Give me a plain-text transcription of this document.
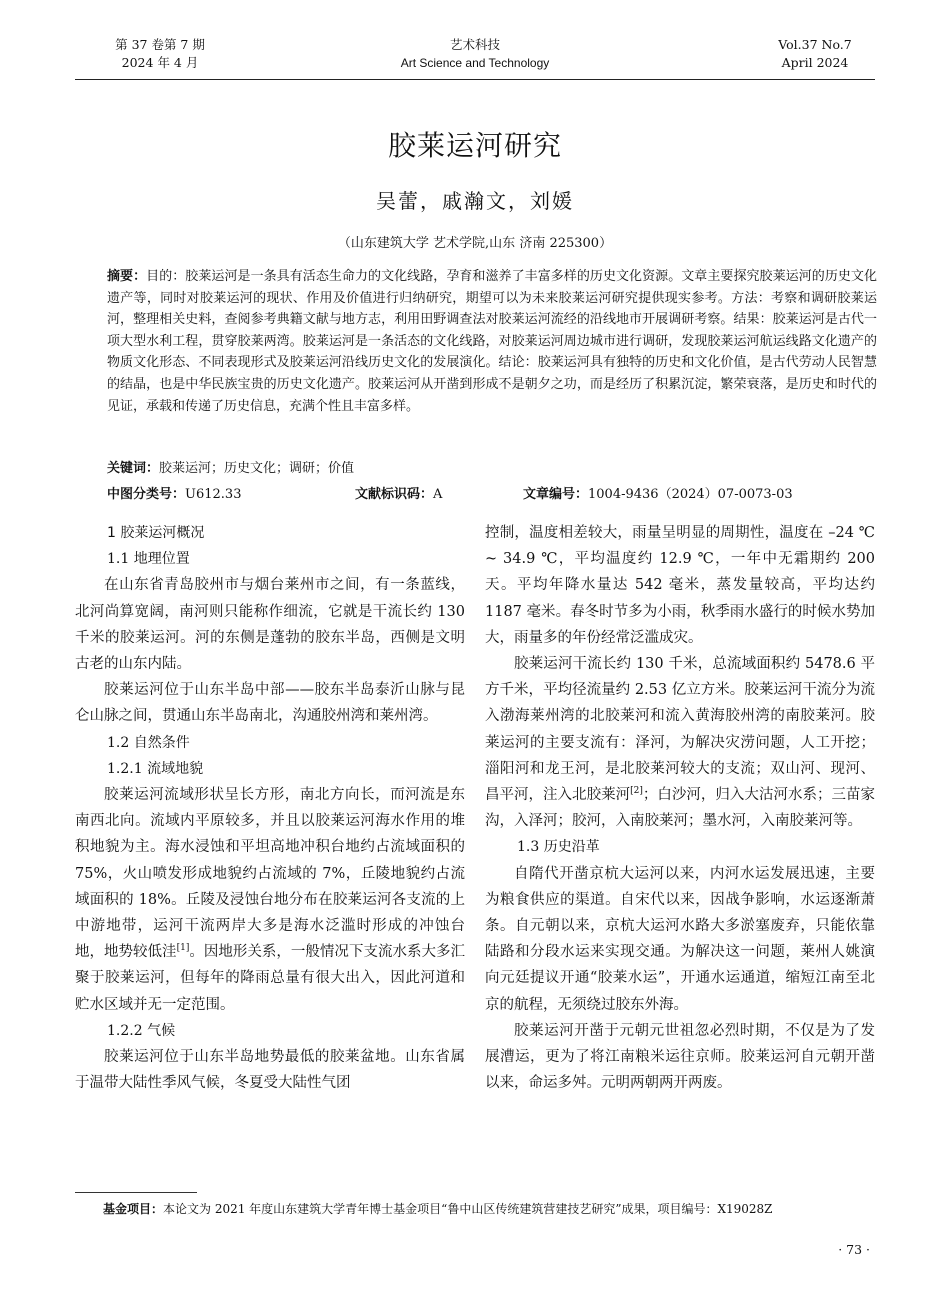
第 37 卷第 7 期
2024 年 4 月
艺术科技
Art Science and Technology
Vol.37 No.7
April 2024
胶莱运河研究
吴蕾，戚瀚文，刘媛
（山东建筑大学 艺术学院,山东 济南 225300）
摘要：目的：胶莱运河是一条具有活态生命力的文化线路，孕育和滋养了丰富多样的历史文化资源。文章主要探究胶莱运河的历史文化遗产等，同时对胶莱运河的现状、作用及价值进行归纳研究，期望可以为未来胶莱运河研究提供现实参考。方法：考察和调研胶莱运河，整理相关史料，查阅参考典籍文献与地方志，利用田野调查法对胶莱运河流经的沿线地市开展调研考察。结果：胶莱运河是古代一项大型水利工程，贯穿胶莱两湾。胶莱运河是一条活态的文化线路，对胶莱运河周边城市进行调研，发现胶莱运河航运线路文化遗产的物质文化形态、不同表现形式及胶莱运河沿线历史文化的发展演化。结论：胶莱运河具有独特的历史和文化价值，是古代劳动人民智慧的结晶，也是中华民族宝贵的历史文化遗产。胶莱运河从开凿到形成不是朝夕之功，而是经历了积累沉淀，繁荣衰落，是历史和时代的见证，承载和传递了历史信息，充满个性且丰富多样。
关键词：胶莱运河；历史文化；调研；价值
中图分类号：U612.33	文献标识码：A	文章编号：1004-9436（2024）07-0073-03

1 胶莱运河概况

1.1 地理位置

在山东省青岛胶州市与烟台莱州市之间，有一条蓝线，北河尚算宽阔，南河则只能称作细流，它就是干流长约 130 千米的胶莱运河。河的东侧是蓬勃的胶东半岛，西侧是文明古老的山东内陆。

胶莱运河位于山东半岛中部——胶东半岛泰沂山脉与昆仑山脉之间，贯通山东半岛南北，沟通胶州湾和莱州湾。

1.2 自然条件

1.2.1 流域地貌

胶莱运河流域形状呈长方形，南北方向长，而河流是东南西北向。流域内平原较多，并且以胶莱运河海水作用的堆积地貌为主。海水浸蚀和平坦高地冲积台地约占流域面积的 75%，火山喷发形成地貌约占流域的 7%，丘陵地貌约占流域面积的 18%。丘陵及浸蚀台地分布在胶莱运河各支流的上中游地带，运河干流两岸大多是海水泛滥时形成的冲蚀台地，地势较低洼[1]。因地形关系，一般情况下支流水系大多汇聚于胶莱运河，但每年的降雨总量有很大出入，因此河道和贮水区域并无一定范围。

1.2.2 气候

胶莱运河位于山东半岛地势最低的胶莱盆地。山东省属于温带大陆性季风气候，冬夏受大陆性气团

控制，温度相差较大，雨量呈明显的周期性，温度在 –24 ℃ ~ 34.9 ℃，平均温度约 12.9 ℃，一年中无霜期约 200 天。平均年降水量达 542 毫米，蒸发量较高，平均达约 1187 毫米。春冬时节多为小雨，秋季雨水盛行的时候水势加大，雨量多的年份经常泛滥成灾。

胶莱运河干流长约 130 千米，总流域面积约 5478.6 平方千米，平均径流量约 2.53 亿立方米。胶莱运河干流分为流入渤海莱州湾的北胶莱河和流入黄海胶州湾的南胶莱河。胶莱运河的主要支流有：泽河，为解决灾涝问题，人工开挖；淄阳河和龙王河，是北胶莱河较大的支流；双山河、现河、昌平河，注入北胶莱河[2]；白沙河，归入大沽河水系；三苗家沟，入泽河；胶河，入南胶莱河；墨水河，入南胶莱河等。

1.3 历史沿革

自隋代开凿京杭大运河以来，内河水运发展迅速，主要为粮食供应的渠道。自宋代以来，因战争影响，水运逐渐萧条。自元朝以来，京杭大运河水路大多淤塞废弃，只能依靠陆路和分段水运来实现交通。为解决这一问题，莱州人姚演向元廷提议开通“胶莱水运”，开通水运通道，缩短江南至北京的航程，无须绕过胶东外海。

胶莱运河开凿于元朝元世祖忽必烈时期，不仅是为了发展漕运，更为了将江南粮米运往京师。胶莱运河自元朝开凿以来，命运多舛。元明两朝两开两废。

基金项目：本论文为 2021 年度山东建筑大学青年博士基金项目“鲁中山区传统建筑营建技艺研究”成果，项目编号：X19028Z
· 73 ·
